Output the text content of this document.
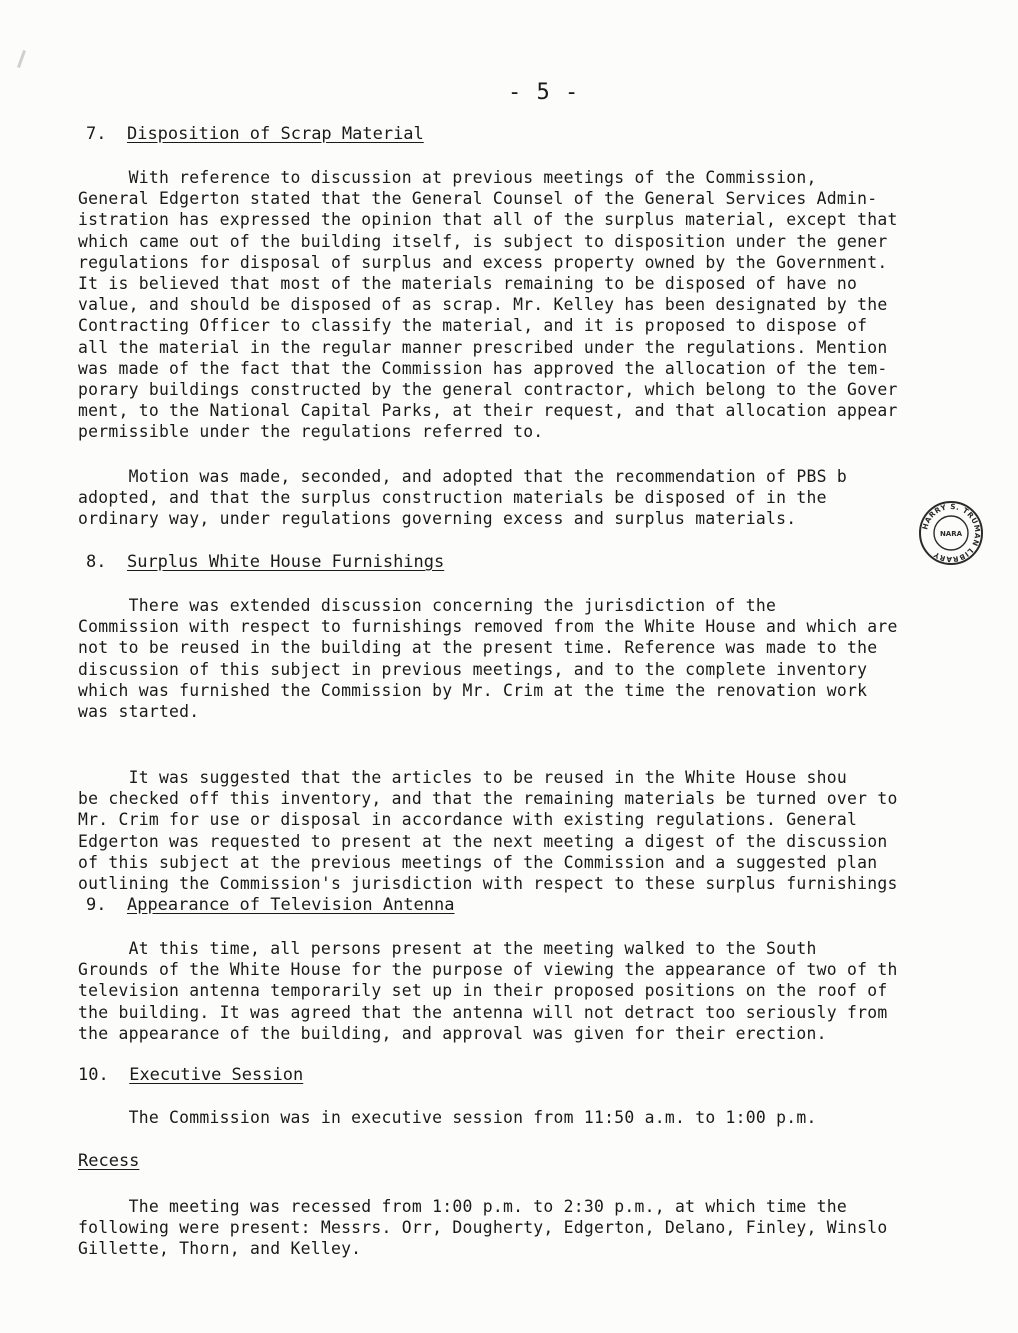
- 5 -
7. Disposition of Scrap Material
With reference to discussion at previous meetings of the Commission,
General Edgerton stated that the General Counsel of the General Services Admin-
istration has expressed the opinion that all of the surplus material, except that
which came out of the building itself, is subject to disposition under the gener
regulations for disposal of surplus and excess property owned by the Government.
It is believed that most of the materials remaining to be disposed of have no
value, and should be disposed of as scrap. Mr. Kelley has been designated by the
Contracting Officer to classify the material, and it is proposed to dispose of
all the material in the regular manner prescribed under the regulations. Mention
was made of the fact that the Commission has approved the allocation of the tem-
porary buildings constructed by the general contractor, which belong to the Gover
ment, to the National Capital Parks, at their request, and that allocation appear
permissible under the regulations referred to.
Motion was made, seconded, and adopted that the recommendation of PBS b
adopted, and that the surplus construction materials be disposed of in the
ordinary way, under regulations governing excess and surplus materials.
8. Surplus White House Furnishings
There was extended discussion concerning the jurisdiction of the
Commission with respect to furnishings removed from the White House and which are
not to be reused in the building at the present time. Reference was made to the
discussion of this subject in previous meetings, and to the complete inventory
which was furnished the Commission by Mr. Crim at the time the renovation work
was started.
It was suggested that the articles to be reused in the White House shou
be checked off this inventory, and that the remaining materials be turned over to
Mr. Crim for use or disposal in accordance with existing regulations. General
Edgerton was requested to present at the next meeting a digest of the discussion
of this subject at the previous meetings of the Commission and a suggested plan
outlining the Commission's jurisdiction with respect to these surplus furnishings
9. Appearance of Television Antenna
At this time, all persons present at the meeting walked to the South
Grounds of the White House for the purpose of viewing the appearance of two of th
television antenna temporarily set up in their proposed positions on the roof of
the building. It was agreed that the antenna will not detract too seriously from
the appearance of the building, and approval was given for their erection.
10. Executive Session
The Commission was in executive session from 11:50 a.m. to 1:00 p.m.
Recess
The meeting was recessed from 1:00 p.m. to 2:30 p.m., at which time the
following were present: Messrs. Orr, Dougherty, Edgerton, Delano, Finley, Winslo
Gillette, Thorn, and Kelley.
HARRY S. TRUMAN LIBRARY
NARA
